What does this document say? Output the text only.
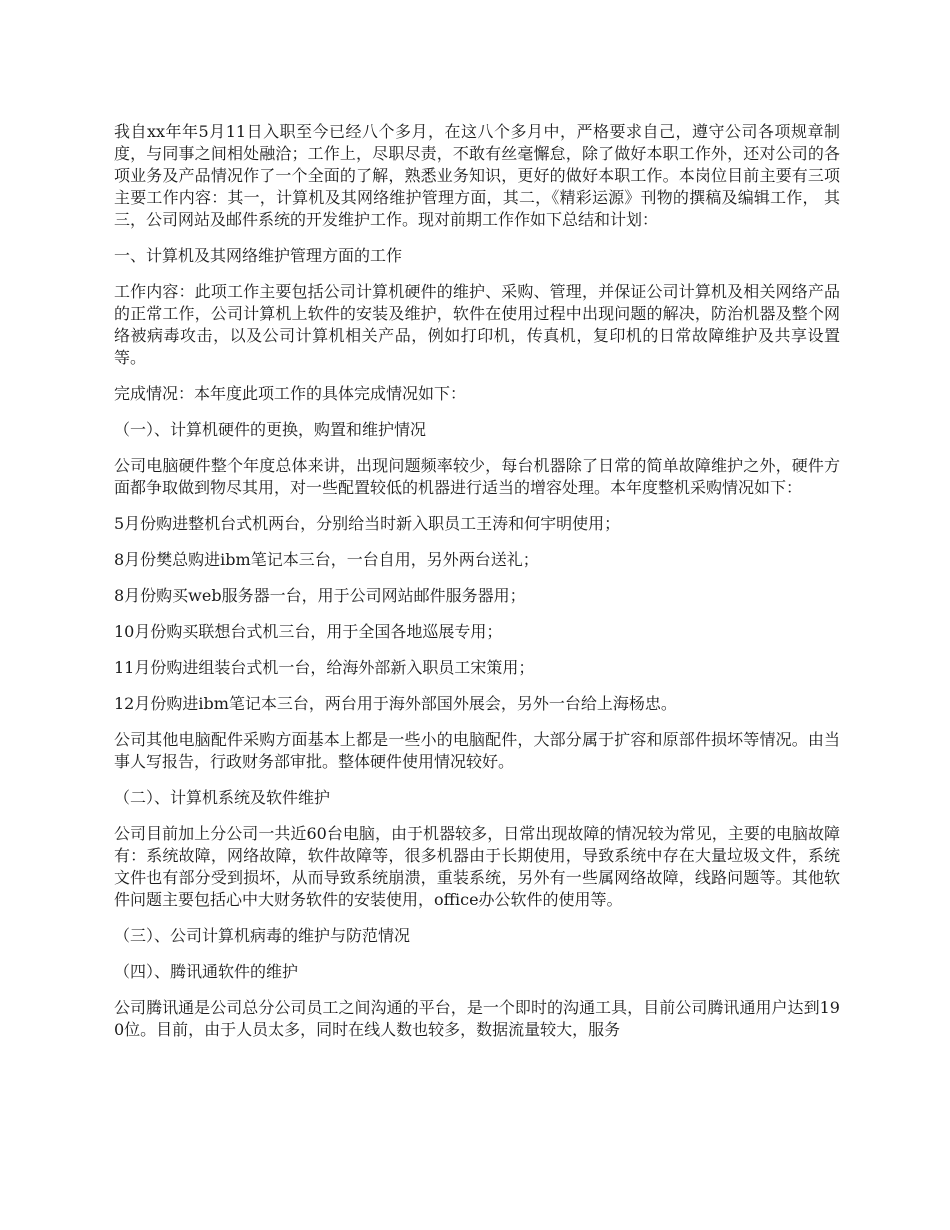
我自xx年年5月11日入职至今已经八个多月，在这八个多月中，严格要求自己，遵守公司各项规章制度，与同事之间相处融洽；工作上，尽职尽责，不敢有丝毫懈怠，除了做好本职工作外，还对公司的各项业务及产品情况作了一个全面的了解，熟悉业务知识，更好的做好本职工作。本岗位目前主要有三项主要工作内容：其一，计算机及其网络维护管理方面，其二，《精彩运源》刊物的撰稿及编辑工作， 其三，公司网站及邮件系统的开发维护工作。现对前期工作作如下总结和计划：

一、计算机及其网络维护管理方面的工作

工作内容：此项工作主要包括公司计算机硬件的维护、采购、管理，并保证公司计算机及相关网络产品的正常工作，公司计算机上软件的安装及维护，软件在使用过程中出现问题的解决，防治机器及整个网络被病毒攻击，以及公司计算机相关产品，例如打印机，传真机，复印机的日常故障维护及共享设置等。

完成情况：本年度此项工作的具体完成情况如下：

（一）、计算机硬件的更换，购置和维护情况

公司电脑硬件整个年度总体来讲，出现问题频率较少，每台机器除了日常的简单故障维护之外，硬件方面都争取做到物尽其用，对一些配置较低的机器进行适当的增容处理。本年度整机采购情况如下：

5月份购进整机台式机两台，分别给当时新入职员工王涛和何宇明使用；

8月份樊总购进ibm笔记本三台，一台自用，另外两台送礼；

8月份购买web服务器一台，用于公司网站邮件服务器用；

10月份购买联想台式机三台，用于全国各地巡展专用；

11月份购进组装台式机一台，给海外部新入职员工宋策用；

12月份购进ibm笔记本三台，两台用于海外部国外展会，另外一台给上海杨忠。

公司其他电脑配件采购方面基本上都是一些小的电脑配件，大部分属于扩容和原部件损坏等情况。由当事人写报告，行政财务部审批。整体硬件使用情况较好。

（二）、计算机系统及软件维护

公司目前加上分公司一共近60台电脑，由于机器较多，日常出现故障的情况较为常见，主要的电脑故障有：系统故障，网络故障，软件故障等，很多机器由于长期使用，导致系统中存在大量垃圾文件，系统文件也有部分受到损坏，从而导致系统崩溃，重装系统，另外有一些属网络故障，线路问题等。其他软件问题主要包括心中大财务软件的安装使用，office办公软件的使用等。

（三）、公司计算机病毒的维护与防范情况

（四）、腾讯通软件的维护

公司腾讯通是公司总分公司员工之间沟通的平台，是一个即时的沟通工具，目前公司腾讯通用户达到190位。目前，由于人员太多，同时在线人数也较多，数据流量较大，服务
